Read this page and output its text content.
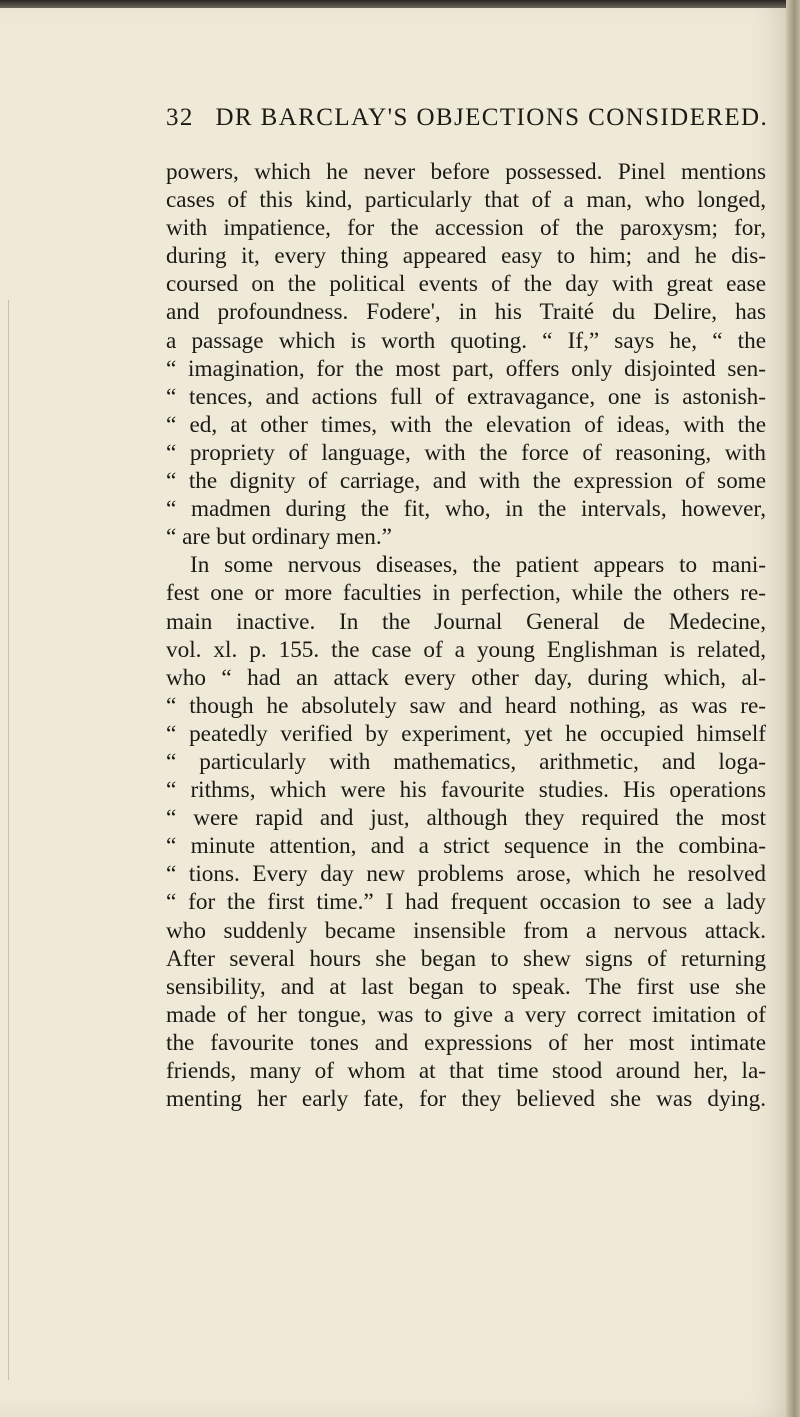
32 DR BARCLAY'S OBJECTIONS CONSIDERED.
powers, which he never before possessed. Pinel mentions
cases of this kind, particularly that of a man, who longed,
with impatience, for the accession of the paroxysm; for,
during it, every thing appeared easy to him; and he dis-
coursed on the political events of the day with great ease
and profoundness. Fodere', in his Traité du Delire, has
a passage which is worth quoting. “ If,” says he, “ the
“ imagination, for the most part, offers only disjointed sen-
“ tences, and actions full of extravagance, one is astonish-
“ ed, at other times, with the elevation of ideas, with the
“ propriety of language, with the force of reasoning, with
“ the dignity of carriage, and with the expression of some
“ madmen during the fit, who, in the intervals, however,
“ are but ordinary men.”
In some nervous diseases, the patient appears to mani-
fest one or more faculties in perfection, while the others re-
main inactive. In the Journal General de Medecine,
vol. xl. p. 155. the case of a young Englishman is related,
who “ had an attack every other day, during which, al-
“ though he absolutely saw and heard nothing, as was re-
“ peatedly verified by experiment, yet he occupied himself
“ particularly with mathematics, arithmetic, and loga-
“ rithms, which were his favourite studies. His operations
“ were rapid and just, although they required the most
“ minute attention, and a strict sequence in the combina-
“ tions. Every day new problems arose, which he resolved
“ for the first time.” I had frequent occasion to see a lady
who suddenly became insensible from a nervous attack.
After several hours she began to shew signs of returning
sensibility, and at last began to speak. The first use she
made of her tongue, was to give a very correct imitation of
the favourite tones and expressions of her most intimate
friends, many of whom at that time stood around her, la-
menting her early fate, for they believed she was dying.
